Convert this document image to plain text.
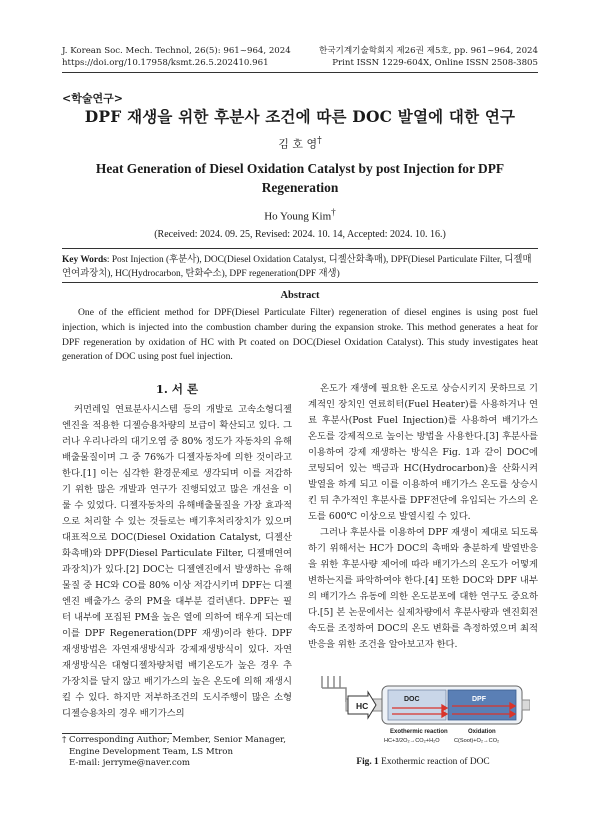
J. Korean Soc. Mech. Technol, 26(5): 961~964, 2024
https://doi.org/10.17958/ksmt.26.5.202410.961
한국기계기술학회지 제26권 제5호, pp. 961~964, 2024
Print ISSN 1229-604X, Online ISSN 2508-3805
<학술연구>
DPF 재생을 위한 후분사 조건에 따른 DOC 발열에 대한 연구
김 호 영†
Heat Generation of Diesel Oxidation Catalyst by post Injection for DPF Regeneration
Ho Young Kim†
(Received: 2024. 09. 25, Revised: 2024. 10. 14, Accepted: 2024. 10. 16.)
Key Words: Post Injection (후분사), DOC(Diesel Oxidation Catalyst, 디젤산화촉매), DPF(Diesel Particulate Filter, 디젤매연여과장치), HC(Hydrocarbon, 탄화수소), DPF regeneration(DPF 재생)
Abstract
One of the efficient method for DPF(Diesel Particulate Filter) regeneration of diesel engines is using post fuel injection, which is injected into the combustion chamber during the expansion stroke. This method generates a heat for DPF regeneration by oxidation of HC with Pt coated on DOC(Diesel Oxidation Catalyst). This study investigates heat generation of DOC using post fuel injection.
1. 서 론

커먼레일 연료분사시스템 등의 개발로 고속소형디젤엔진을 적용한 디젤승용차량의 보급이 확산되고 있다. 그러나 우리나라의 대기오염 중 80% 정도가 자동차의 유해배출물질이며 그 중 76%가 디젤자동차에 의한 것이라고 한다.[1] 이는 심각한 환경문제로 생각되며 이를 저감하기 위한 많은 개발과 연구가 진행되었고 많은 개선을 이룰 수 있었다. 디젤자동차의 유해배출물질을 가장 효과적으로 처리할 수 있는 것들로는 배기후처리장치가 있으며 대표적으로 DOC(Diesel Oxidation Catalyst, 디젤산화촉매)와 DPF(Diesel Particulate Filter, 디젤매연여과장치)가 있다.[2] DOC는 디젤엔진에서 발생하는 유해물질 중 HC와 CO를 80% 이상 저감시키며 DPF는 디젤엔진 배출가스 중의 PM을 대부분 걸러낸다. DPF는 필터 내부에 포집된 PM을 높은 열에 의하여 태우게 되는데 이를 DPF Regeneration(DPF 재생)이라 한다. DPF 재생방법은 자연재생방식과 강제재생방식이 있다. 자연재생방식은 대형디젤차량처럼 배기온도가 높은 경우 추가장치를 달지 않고 배기가스의 높은 온도에 의해 재생시킬 수 있다. 하지만 저부하조건의 도시주행이 많은 소형디젤승용차의 경우 배기가스의

온도가 재생에 필요한 온도로 상승시키지 못하므로 기계적인 장치인 연료히터(Fuel Heater)를 사용하거나 연료 후분사(Post Fuel Injection)를 사용하여 배기가스온도를 강제적으로 높이는 방법을 사용한다.[3] 후분사를 이용하여 강제 재생하는 방식은 Fig. 1과 같이 DOC에 코팅되어 있는 백금과 HC(Hydrocarbon)을 산화시켜 발열을 하게 되고 이를 이용하여 배기가스 온도를 상승시킨 뒤 추가적인 후분사를 DPF전단에 유입되는 가스의 온도를 600℃ 이상으로 발열시킬 수 있다.

그러나 후분사를 이용하여 DPF 재생이 제대로 되도록 하기 위해서는 HC가 DOC의 촉매와 충분하게 발열반응을 위한 후분사량 제어에 따라 배기가스의 온도가 어떻게 변하는지를 파악하여야 한다.[4] 또한 DOC와 DPF 내부의 배기가스 유동에 의한 온도분포에 대한 연구도 중요하다.[5] 본 논문에서는 실제차량에서 후분사량과 엔진회전속도를 조정하여 DOC의 온도 변화를 측정하였으며 최적반응을 위한 조건을 알아보고자 한다.

† Corresponding Author; Member, Senior Manager,
Engine Development Team, LS Mtron
E-mail: jerryme@naver.com
HC
DOC	DPF
Exothermic reaction
HC+3/2O₂→CO₂+H₂O
Oxidation
C(Soot)+O₂→CO₂
Fig. 1 Exothermic reaction of DOC
